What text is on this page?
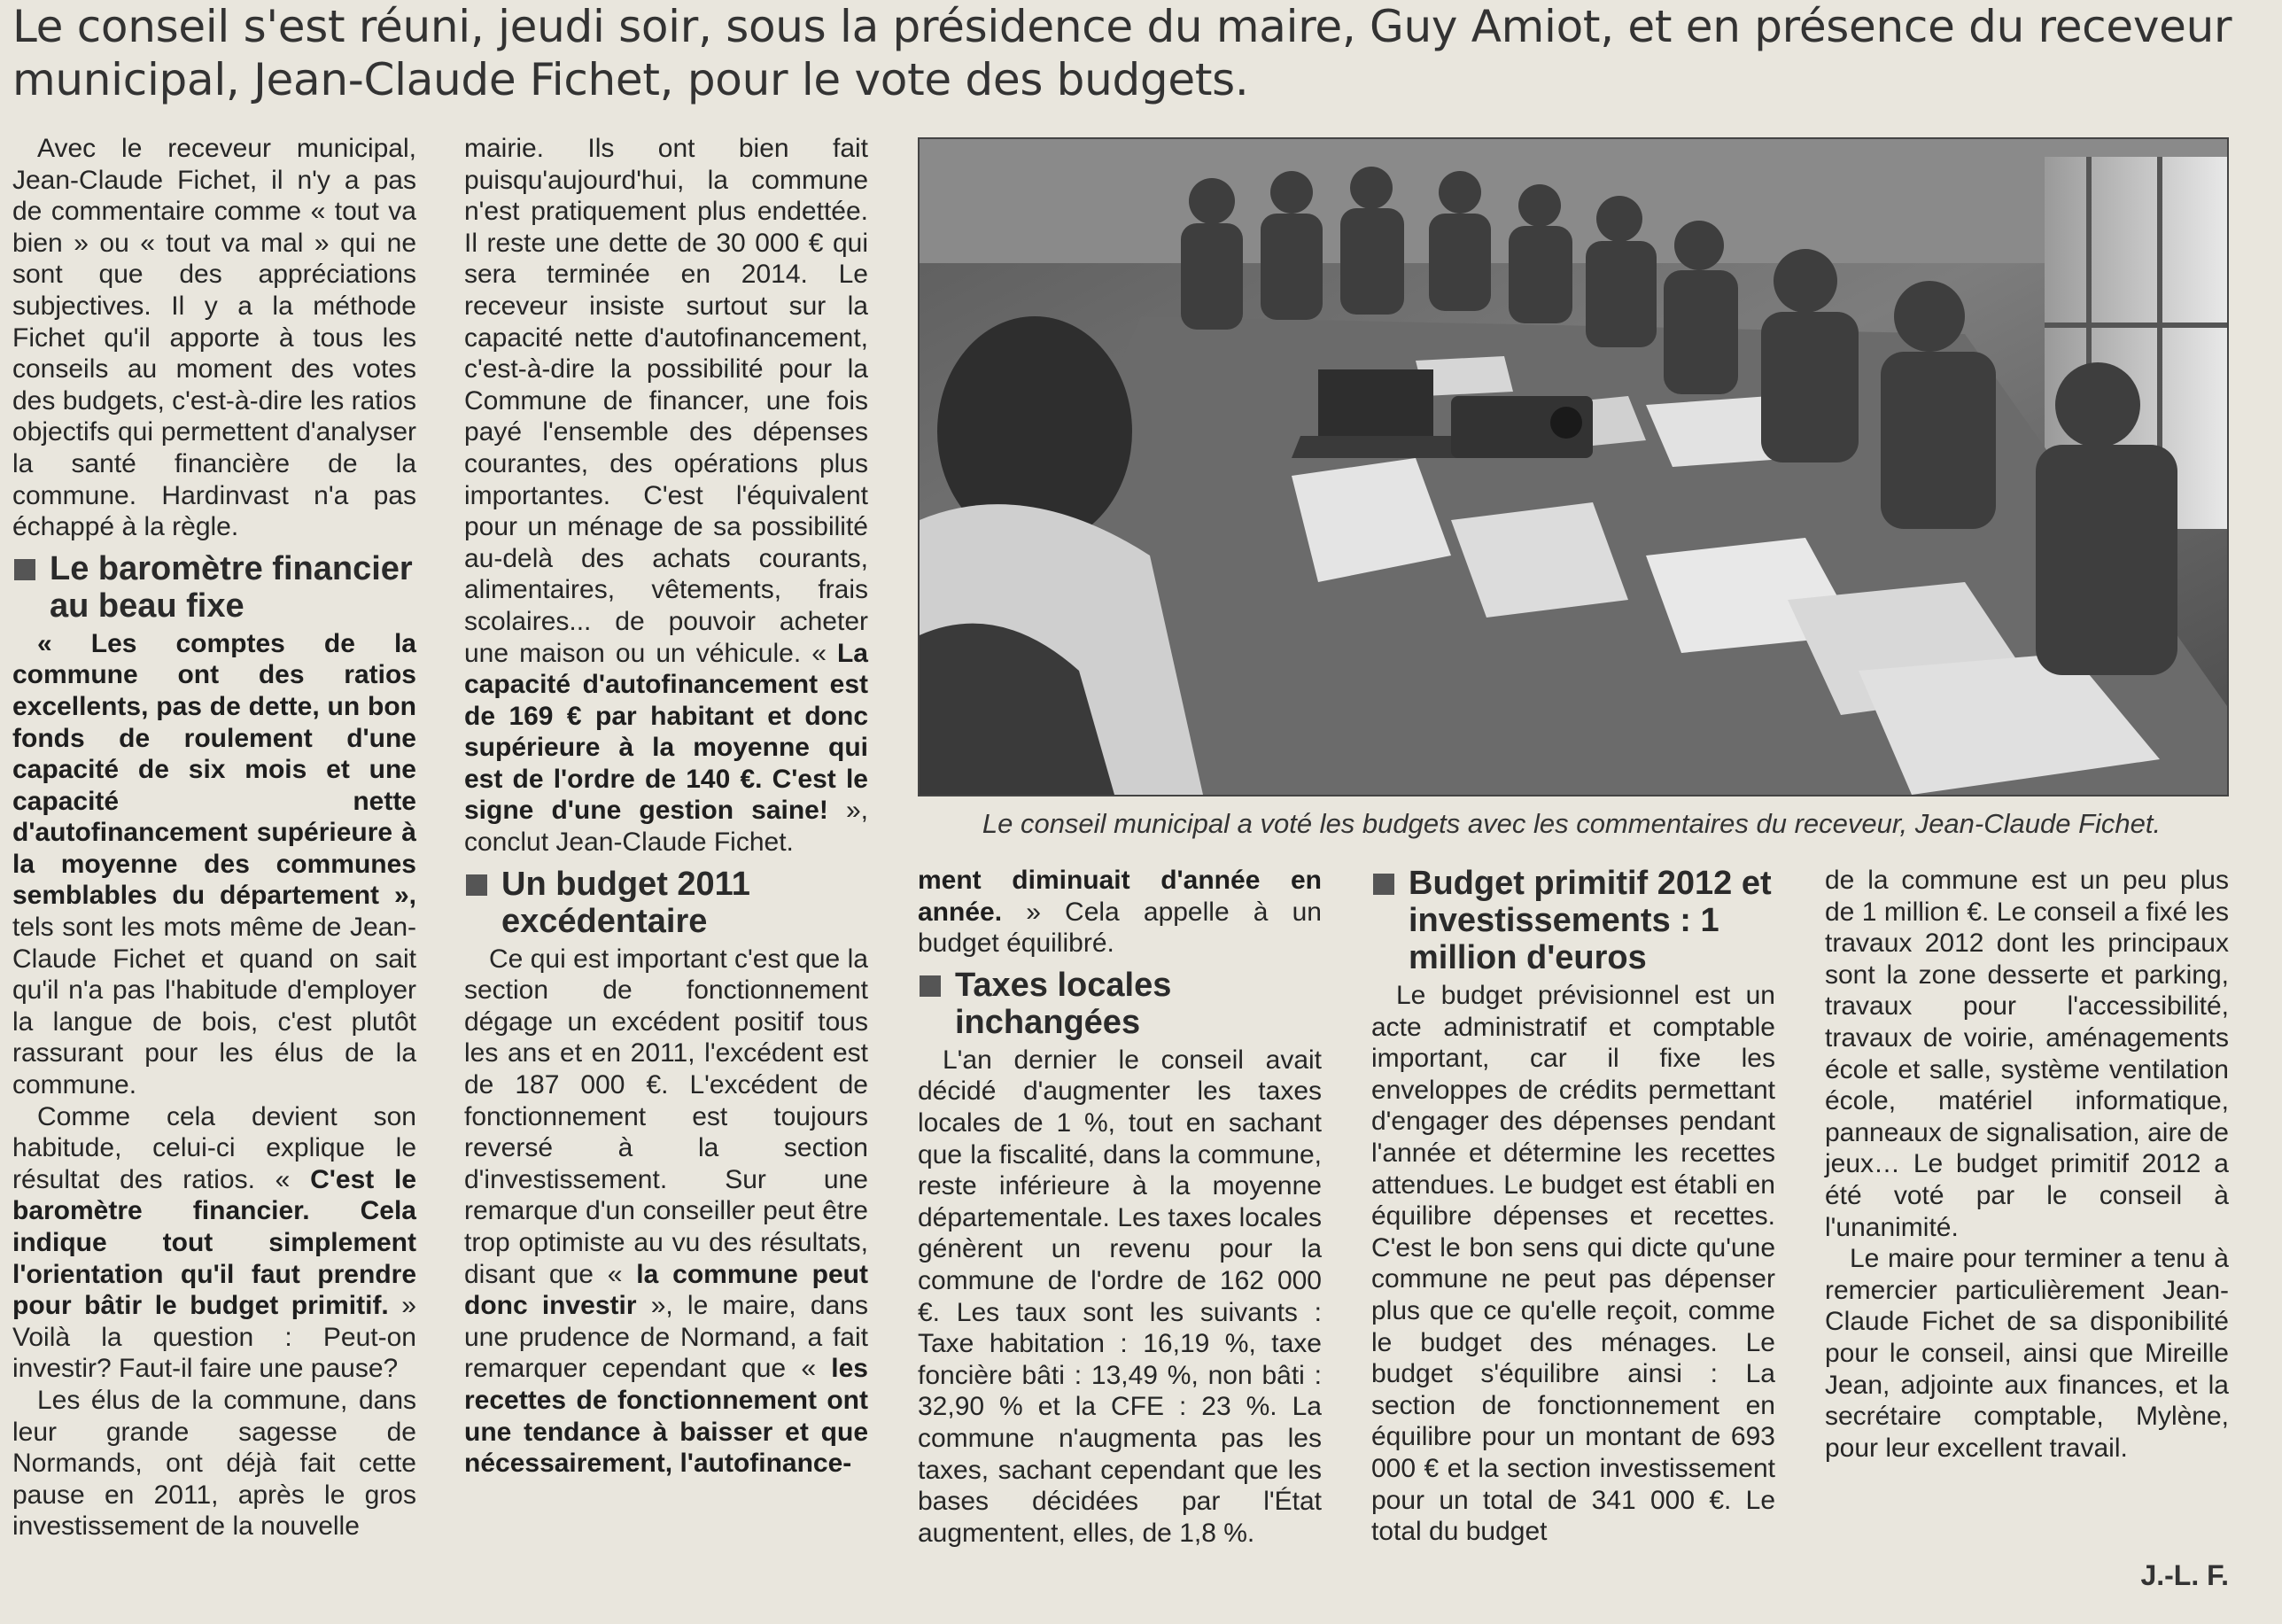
Le conseil s'est réuni, jeudi soir, sous la présidence du maire, Guy Amiot, et en présence du receveur municipal, Jean-Claude Fichet, pour le vote des budgets.

Avec le receveur municipal, Jean-Claude Fichet, il n'y a pas de commentaire comme « tout va bien » ou « tout va mal » qui ne sont que des appréciations subjectives. Il y a la méthode Fichet qu'il apporte à tous les conseils au moment des votes des budgets, c'est-à-dire les ratios objectifs qui permettent d'analyser la santé financière de la commune. Hardinvast n'a pas échappé à la règle.

Le baromètre financier au beau fixe

« Les comptes de la commune ont des ratios excellents, pas de dette, un bon fonds de roulement d'une capacité de six mois et une capacité nette d'autofinancement supérieure à la moyenne des communes semblables du département », tels sont les mots même de Jean-Claude Fichet et quand on sait qu'il n'a pas l'habitude d'employer la langue de bois, c'est plutôt rassurant pour les élus de la commune.

Comme cela devient son habitude, celui-ci explique le résultat des ratios. « C'est le baromètre financier. Cela indique tout simplement l'orientation qu'il faut prendre pour bâtir le budget primitif. » Voilà la question : Peut-on investir? Faut-il faire une pause?

Les élus de la commune, dans leur grande sagesse de Normands, ont déjà fait cette pause en 2011, après le gros investissement de la nouvelle

mairie. Ils ont bien fait puisqu'aujourd'hui, la commune n'est pratiquement plus endettée. Il reste une dette de 30 000 € qui sera terminée en 2014. Le receveur insiste surtout sur la capacité nette d'autofinancement, c'est-à-dire la possibilité pour la Commune de financer, une fois payé l'ensemble des dépenses courantes, des opérations plus importantes. C'est l'équivalent pour un ménage de sa possibilité au-delà des achats courants, alimentaires, vêtements, frais scolaires... de pouvoir acheter une maison ou un véhicule. « La capacité d'autofinancement est de 169 € par habitant et donc supérieure à la moyenne qui est de l'ordre de 140 €. C'est le signe d'une gestion saine! », conclut Jean-Claude Fichet.

Un budget 2011 excédentaire

Ce qui est important c'est que la section de fonctionnement dégage un excédent positif tous les ans et en 2011, l'excédent est de 187 000 €. L'excédent de fonctionnement est toujours reversé à la section d'investissement. Sur une remarque d'un conseiller peut être trop optimiste au vu des résultats, disant que « la commune peut donc investir », le maire, dans une prudence de Normand, a fait remarquer cependant que « les recettes de fonctionnement ont une tendance à baisser et que nécessairement, l'autofinance-

Le conseil municipal a voté les budgets avec les commentaires du receveur, Jean-Claude Fichet.

ment diminuait d'année en année. » Cela appelle à un budget équilibré.

Taxes locales inchangées

L'an dernier le conseil avait décidé d'augmenter les taxes locales de 1 %, tout en sachant que la fiscalité, dans la commune, reste inférieure à la moyenne départementale. Les taxes locales génèrent un revenu pour la commune de l'ordre de 162 000 €. Les taux sont les suivants : Taxe habitation : 16,19 %, taxe foncière bâti : 13,49 %, non bâti : 32,90 % et la CFE : 23 %. La commune n'augmenta pas les taxes, sachant cependant que les bases décidées par l'État augmentent, elles, de 1,8 %.

Budget primitif 2012 et investissements : 1 million d'euros

Le budget prévisionnel est un acte administratif et comptable important, car il fixe les enveloppes de crédits permettant d'engager des dépenses pendant l'année et détermine les recettes attendues. Le budget est établi en équilibre dépenses et recettes. C'est le bon sens qui dicte qu'une commune ne peut pas dépenser plus que ce qu'elle reçoit, comme le budget des ménages. Le budget s'équilibre ainsi : La section de fonctionnement en équilibre pour un montant de 693 000 € et la section investissement pour un total de 341 000 €. Le total du budget

de la commune est un peu plus de 1 million €. Le conseil a fixé les travaux 2012 dont les principaux sont la zone desserte et parking, travaux pour l'accessibilité, travaux de voirie, aménagements école et salle, système ventilation école, matériel informatique, panneaux de signalisation, aire de jeux… Le budget primitif 2012 a été voté par le conseil à l'unanimité.

Le maire pour terminer a tenu à remercier particulièrement Jean-Claude Fichet de sa disponibilité pour le conseil, ainsi que Mireille Jean, adjointe aux finances, et la secrétaire comptable, Mylène, pour leur excellent travail.

J.-L. F.
